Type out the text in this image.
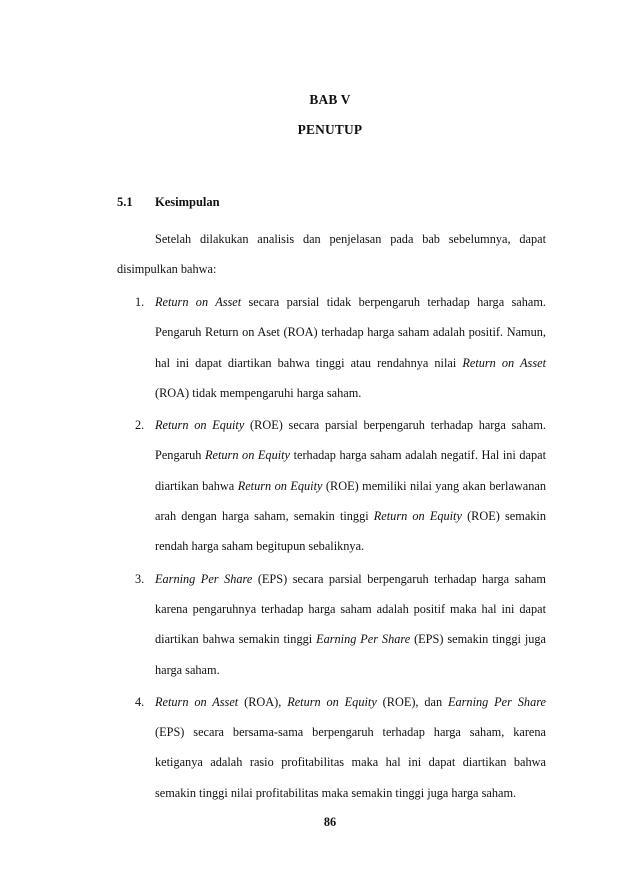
BAB V
PENUTUP
5.1 Kesimpulan
Setelah dilakukan analisis dan penjelasan pada bab sebelumnya, dapat disimpulkan bahwa:
1. Return on Asset secara parsial tidak berpengaruh terhadap harga saham. Pengaruh Return on Aset (ROA) terhadap harga saham adalah positif. Namun, hal ini dapat diartikan bahwa tinggi atau rendahnya nilai Return on Asset (ROA) tidak mempengaruhi harga saham.
2. Return on Equity (ROE) secara parsial berpengaruh terhadap harga saham. Pengaruh Return on Equity terhadap harga saham adalah negatif. Hal ini dapat diartikan bahwa Return on Equity (ROE) memiliki nilai yang akan berlawanan arah dengan harga saham, semakin tinggi Return on Equity (ROE) semakin rendah harga saham begitupun sebaliknya.
3. Earning Per Share (EPS) secara parsial berpengaruh terhadap harga saham karena pengaruhnya terhadap harga saham adalah positif maka hal ini dapat diartikan bahwa semakin tinggi Earning Per Share (EPS) semakin tinggi juga harga saham.
4. Return on Asset (ROA), Return on Equity (ROE), dan Earning Per Share (EPS) secara bersama-sama berpengaruh terhadap harga saham, karena ketiganya adalah rasio profitabilitas maka hal ini dapat diartikan bahwa semakin tinggi nilai profitabilitas maka semakin tinggi juga harga saham.
86
